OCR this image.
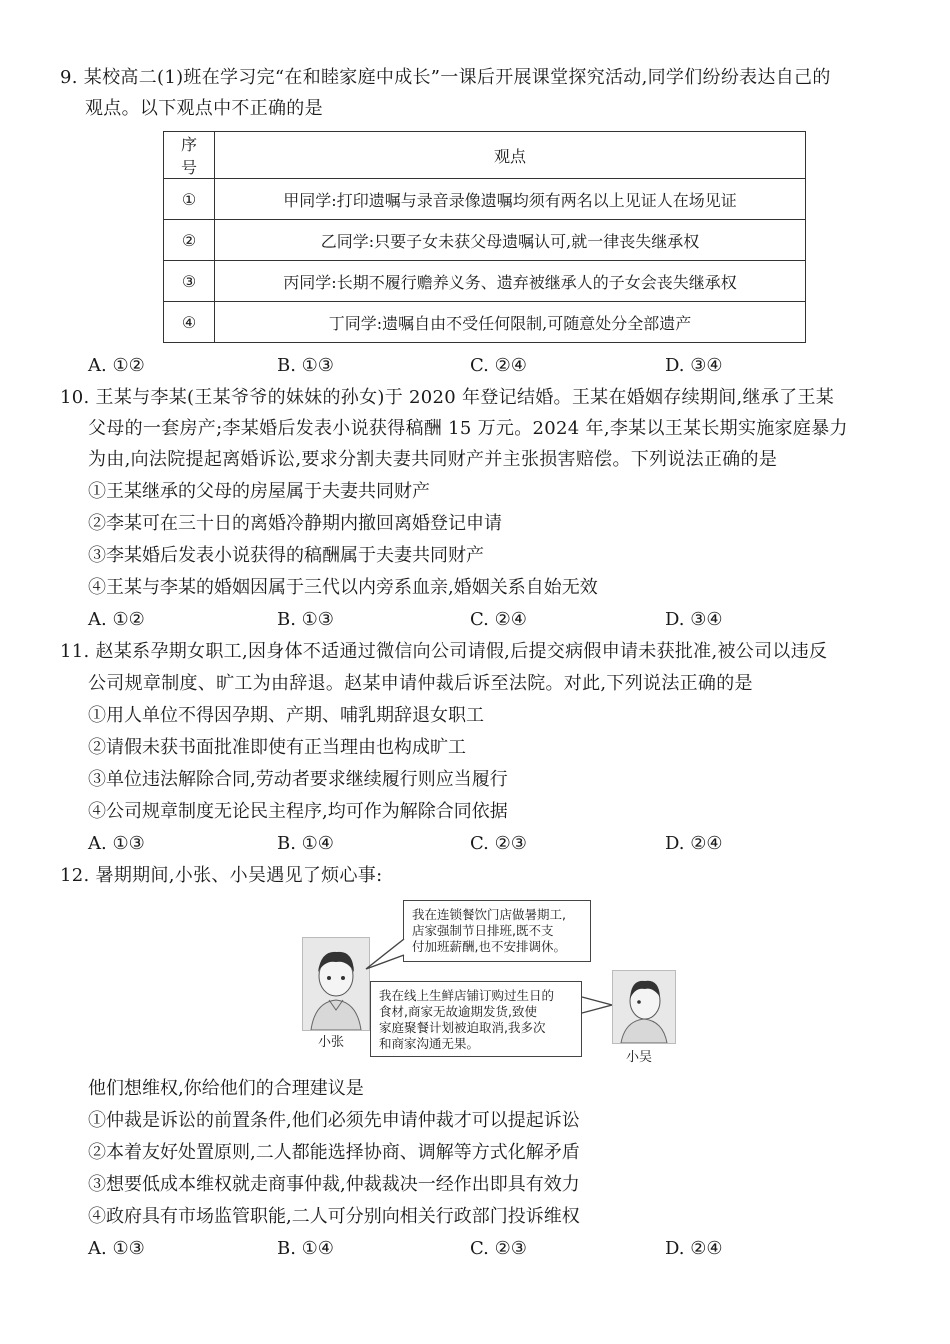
9. 某校高二(1)班在学习完“在和睦家庭中成长”一课后开展课堂探究活动,同学们纷纷表达自己的
观点。以下观点中不正确的是
序号	观点
①	甲同学:打印遗嘱与录音录像遗嘱均须有两名以上见证人在场见证
②	乙同学:只要子女未获父母遗嘱认可,就一律丧失继承权
③	丙同学:长期不履行赡养义务、遗弃被继承人的子女会丧失继承权
④	丁同学:遗嘱自由不受任何限制,可随意处分全部遗产
A. ①②	B. ①③	C. ②④	D. ③④
10. 王某与李某(王某爷爷的妹妹的孙女)于 2020 年登记结婚。王某在婚姻存续期间,继承了王某
父母的一套房产;李某婚后发表小说获得稿酬 15 万元。2024 年,李某以王某长期实施家庭暴力
为由,向法院提起离婚诉讼,要求分割夫妻共同财产并主张损害赔偿。下列说法正确的是
①王某继承的父母的房屋属于夫妻共同财产
②李某可在三十日的离婚冷静期内撤回离婚登记申请
③李某婚后发表小说获得的稿酬属于夫妻共同财产
④王某与李某的婚姻因属于三代以内旁系血亲,婚姻关系自始无效
A. ①②	B. ①③	C. ②④	D. ③④
11. 赵某系孕期女职工,因身体不适通过微信向公司请假,后提交病假申请未获批准,被公司以违反
公司规章制度、旷工为由辞退。赵某申请仲裁后诉至法院。对此,下列说法正确的是
①用人单位不得因孕期、产期、哺乳期辞退女职工
②请假未获书面批准即使有正当理由也构成旷工
③单位违法解除合同,劳动者要求继续履行则应当履行
④公司规章制度无论民主程序,均可作为解除合同依据
A. ①③	B. ①④	C. ②③	D. ②④
12. 暑期期间,小张、小吴遇见了烦心事:
小张
我在连锁餐饮门店做暑期工,
店家强制节日排班,既不支
付加班薪酬,也不安排调休。
我在线上生鲜店铺订购过生日的
食材,商家无故逾期发货,致使
家庭聚餐计划被迫取消,我多次
和商家沟通无果。
小吴
他们想维权,你给他们的合理建议是
①仲裁是诉讼的前置条件,他们必须先申请仲裁才可以提起诉讼
②本着友好处置原则,二人都能选择协商、调解等方式化解矛盾
③想要低成本维权就走商事仲裁,仲裁裁决一经作出即具有效力
④政府具有市场监管职能,二人可分别向相关行政部门投诉维权
A. ①③	B. ①④	C. ②③	D. ②④
